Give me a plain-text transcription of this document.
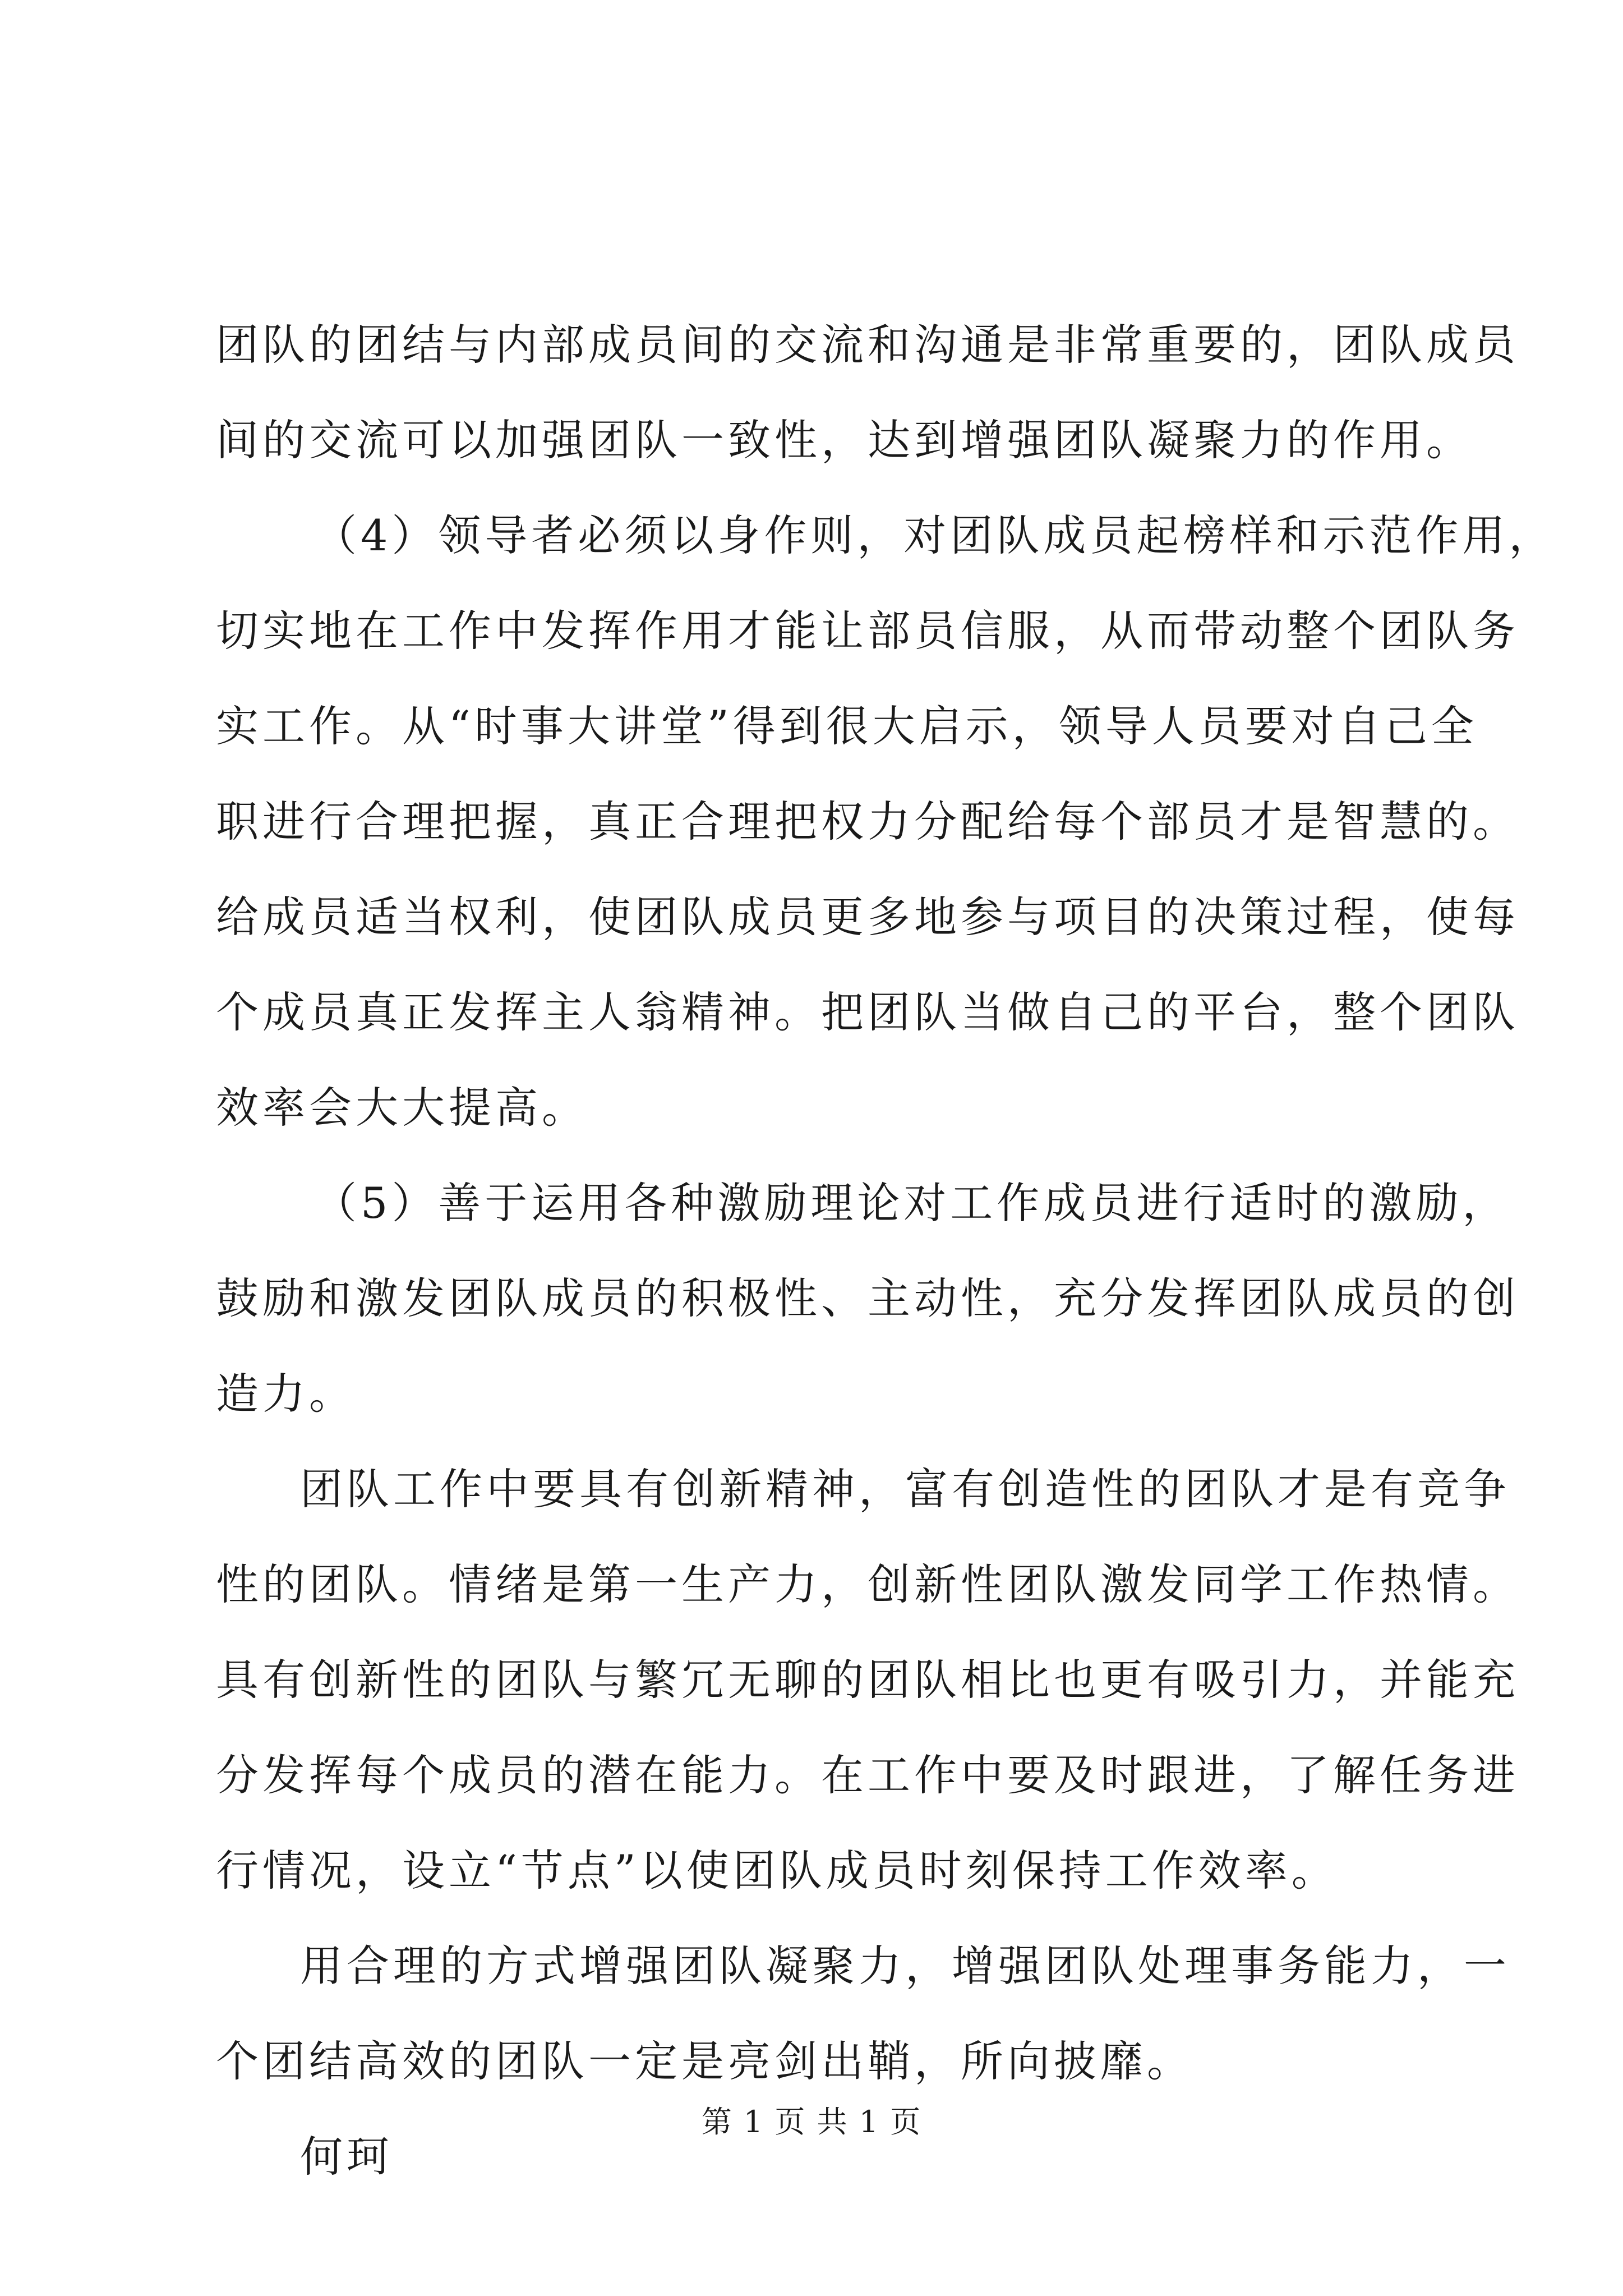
团队的团结与内部成员间的交流和沟通是非常重要的，团队成员
间的交流可以加强团队一致性，达到增强团队凝聚力的作用。
（4）领导者必须以身作则，对团队成员起榜样和示范作用，
切实地在工作中发挥作用才能让部员信服，从而带动整个团队务
实工作。从“时事大讲堂”得到很大启示，领导人员要对自己全
职进行合理把握，真正合理把权力分配给每个部员才是智慧的。
给成员适当权利，使团队成员更多地参与项目的决策过程，使每
个成员真正发挥主人翁精神。把团队当做自己的平台，整个团队
效率会大大提高。
（5）善于运用各种激励理论对工作成员进行适时的激励，
鼓励和激发团队成员的积极性、主动性，充分发挥团队成员的创
造力。
团队工作中要具有创新精神，富有创造性的团队才是有竞争
性的团队。情绪是第一生产力，创新性团队激发同学工作热情。
具有创新性的团队与繁冗无聊的团队相比也更有吸引力，并能充
分发挥每个成员的潜在能力。在工作中要及时跟进，了解任务进
行情况，设立“节点”以使团队成员时刻保持工作效率。
用合理的方式增强团队凝聚力，增强团队处理事务能力，一
个团结高效的团队一定是亮剑出鞘，所向披靡。
何珂
第 1 页 共 1 页
